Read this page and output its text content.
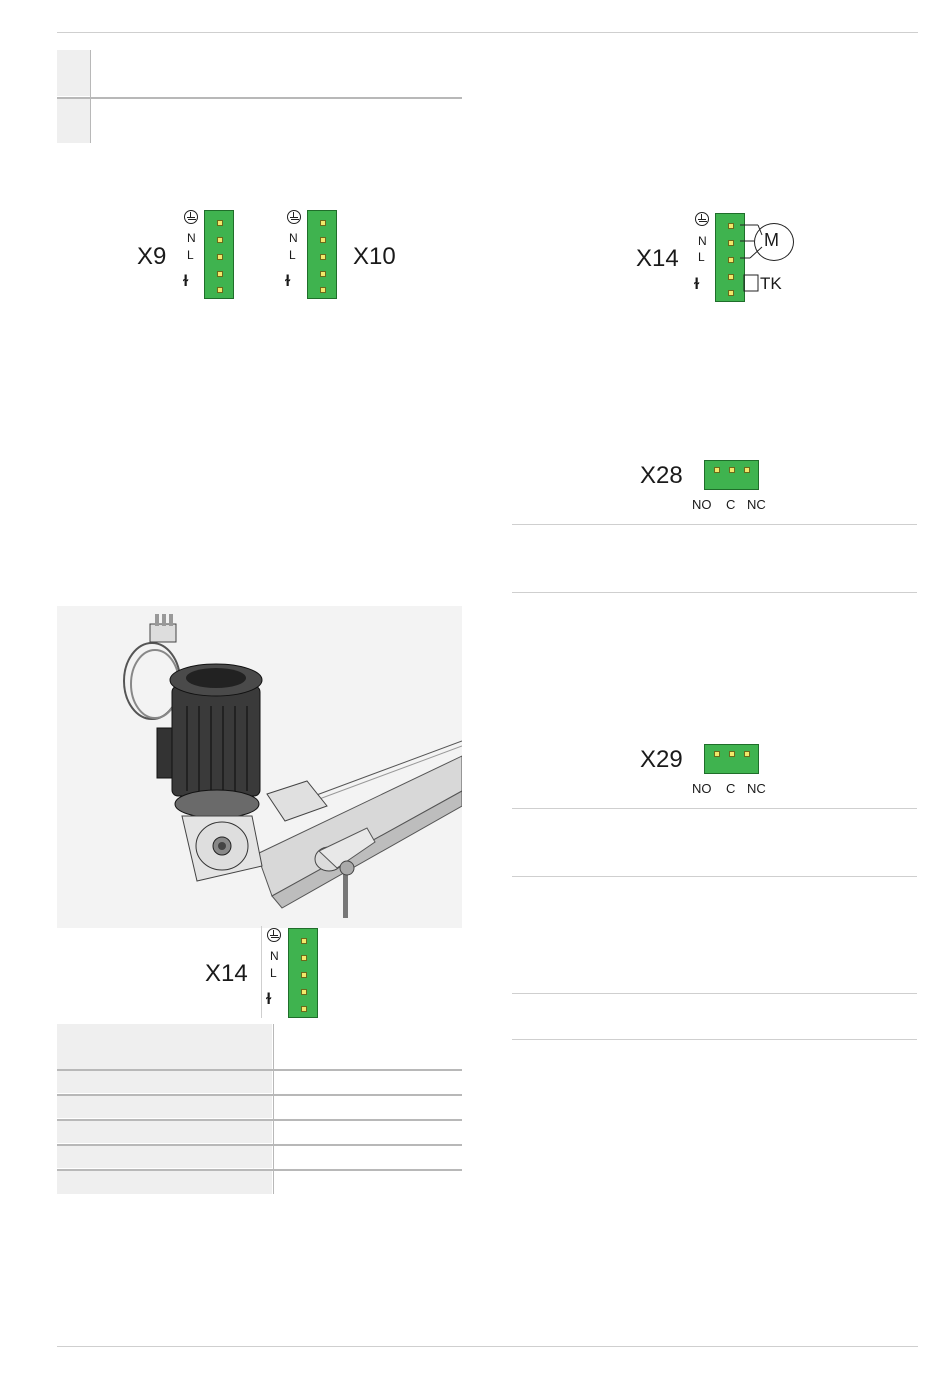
X9
N
L
ɫ
N
L
ɫ
X10	X14
N
L
ɫ
M
TK
X28
NO C NC
X29
NO C NC
X14
N
L
ɫ
